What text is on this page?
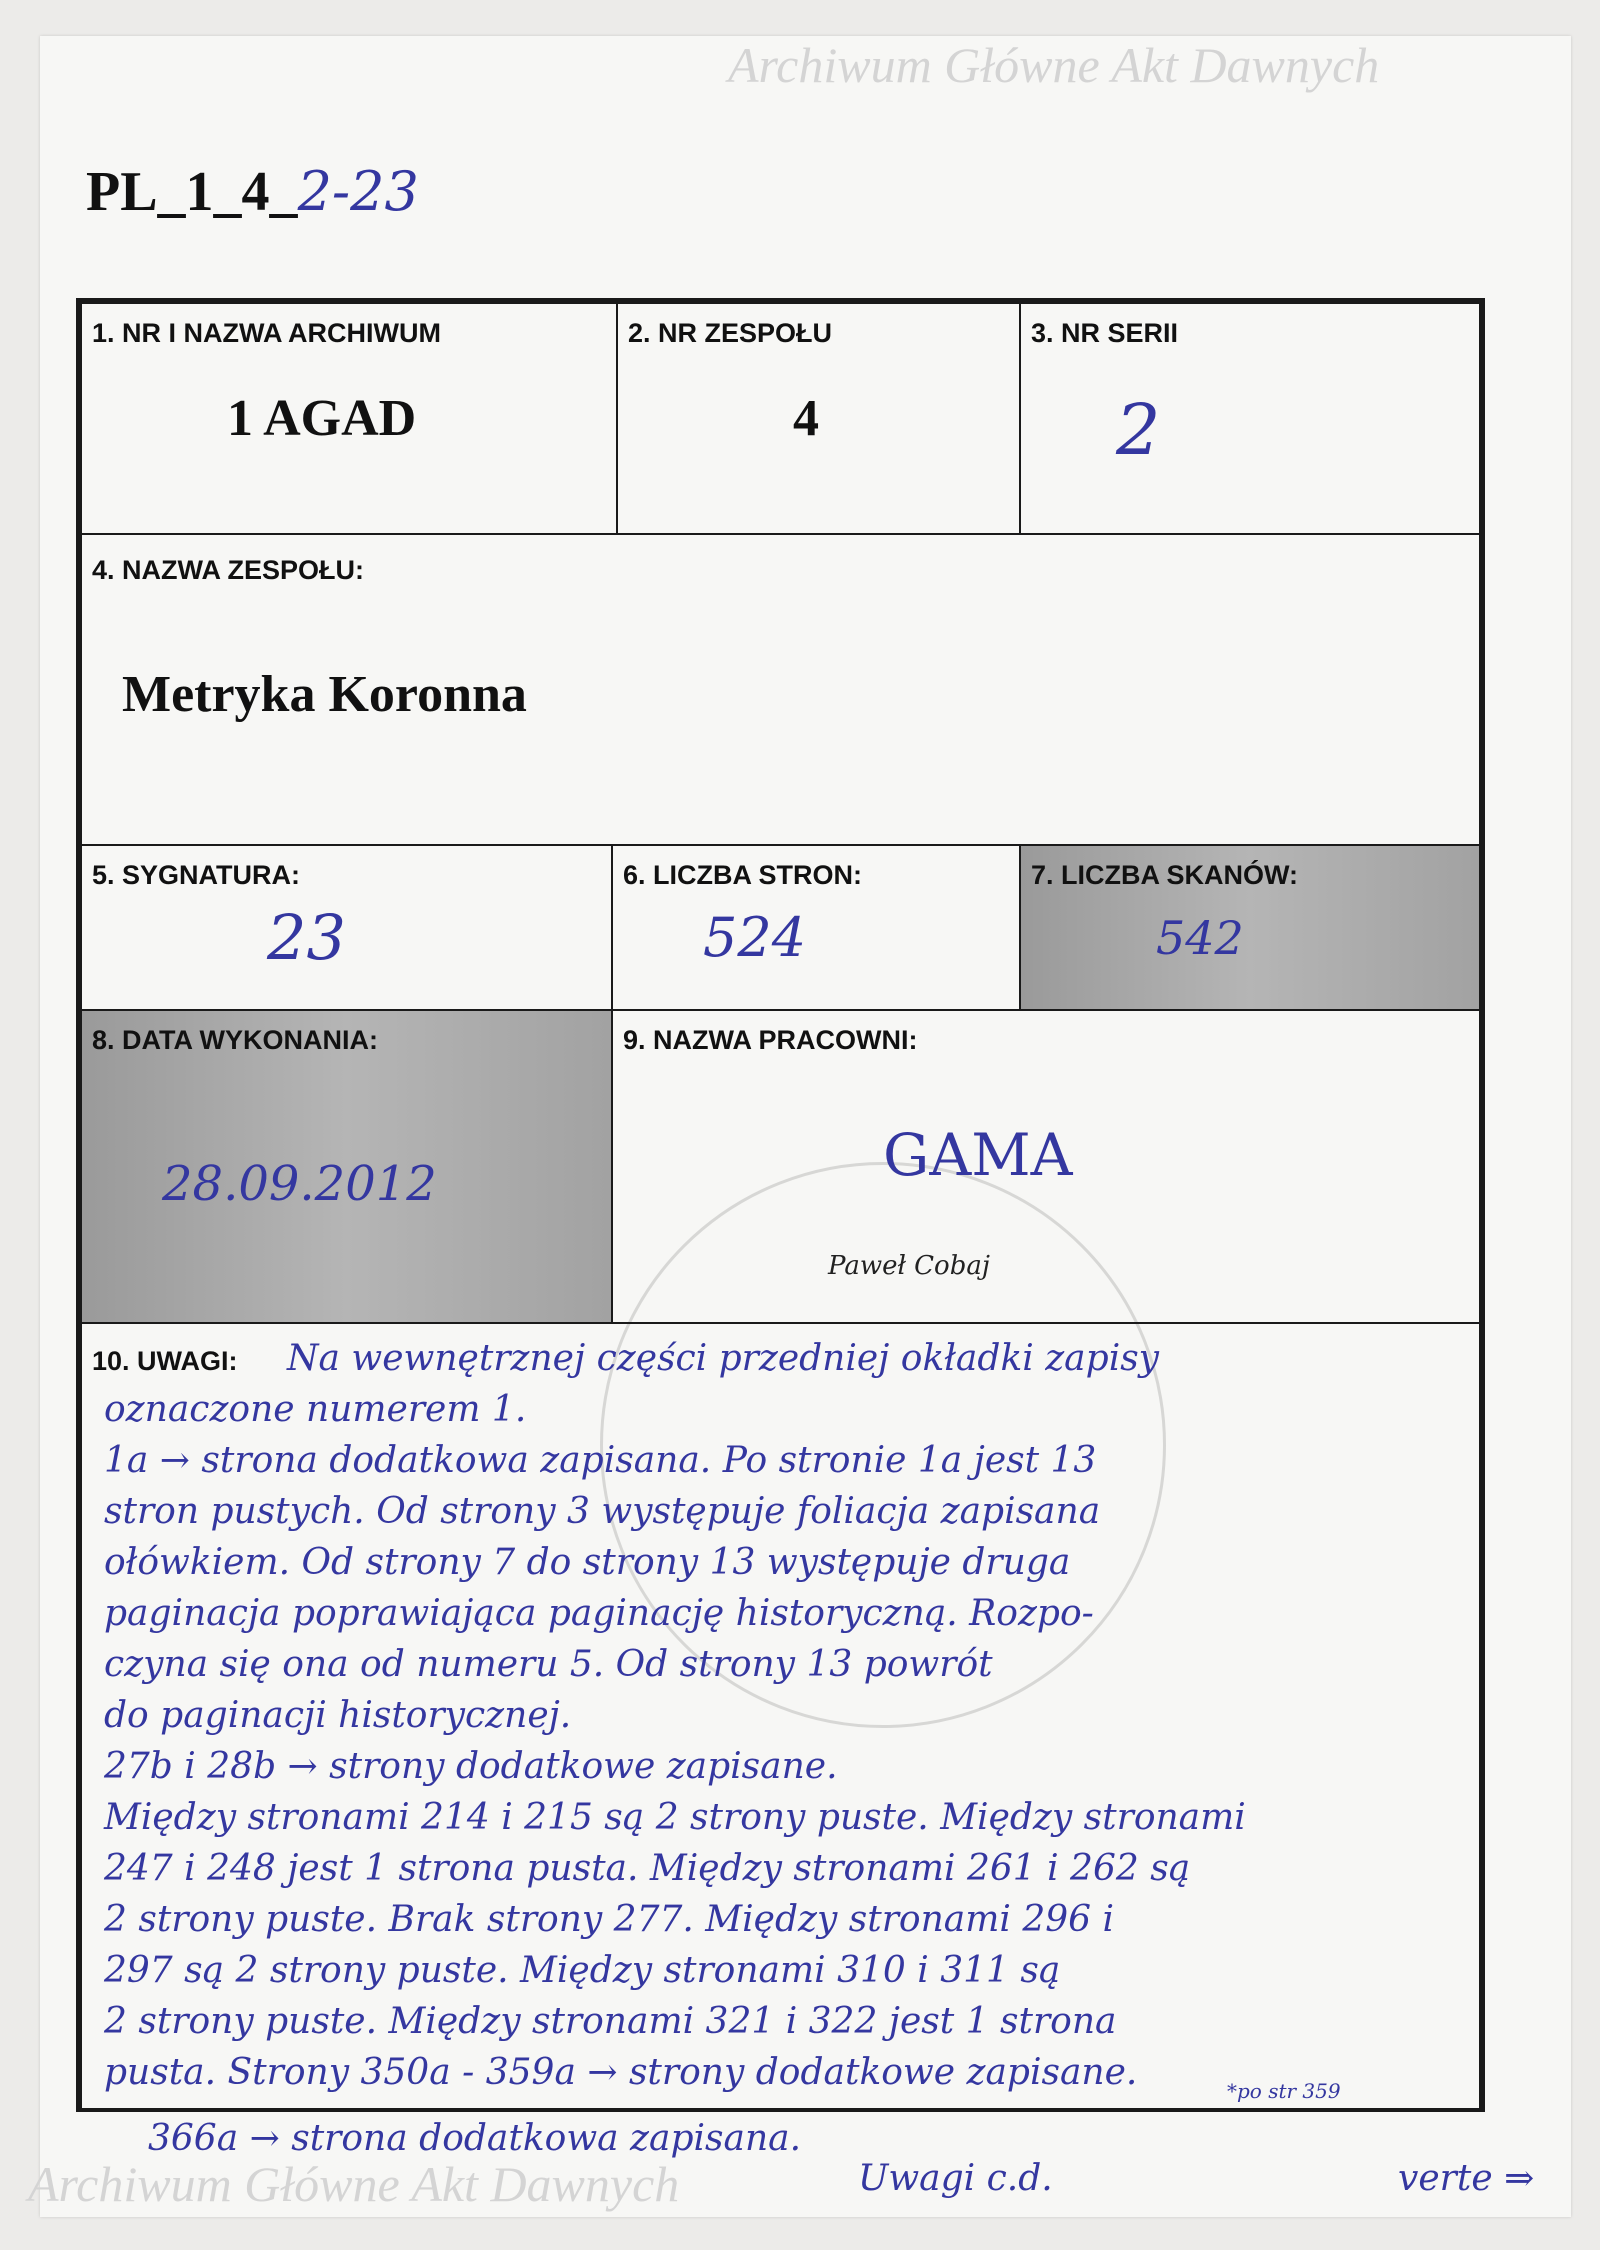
Archiwum Główne Akt Dawnych
Archiwum Główne Akt Dawnych
PL_1_4_2-23
1. NR I NAZWA ARCHIWUM
1 AGAD
2. NR ZESPOŁU
4
3. NR SERII
2
4. NAZWA ZESPOŁU:
Metryka Koronna
5. SYGNATURA:
23
6. LICZBA STRON:
524
7. LICZBA SKANÓW:
542
8. DATA WYKONANIA:
28.09.2012
9. NAZWA PRACOWNI:
GAMA
Paweł Cobaj
10. UWAGI: Na wewnętrznej części przedniej okładki zapisy
oznaczone numerem 1.
1a → strona dodatkowa zapisana. Po stronie 1a jest 13
stron pustych. Od strony 3 występuje foliacja zapisana
ołówkiem. Od strony 7 do strony 13 występuje druga
paginacja poprawiająca paginację historyczną. Rozpo-
czyna się ona od numeru 5. Od strony 13 powrót
do paginacji historycznej.
27b i 28b → strony dodatkowe zapisane.
Między stronami 214 i 215 są 2 strony puste. Między stronami
247 i 248 jest 1 strona pusta. Między stronami 261 i 262 są
2 strony puste. Brak strony 277. Między stronami 296 i
297 są 2 strony puste. Między stronami 310 i 311 są
2 strony puste. Między stronami 321 i 322 jest 1 strona
pusta. Strony 350a - 359a → strony dodatkowe zapisane.	*po str 359
366a → strona dodatkowa zapisana.
Uwagi c.d.	verte ⇒
